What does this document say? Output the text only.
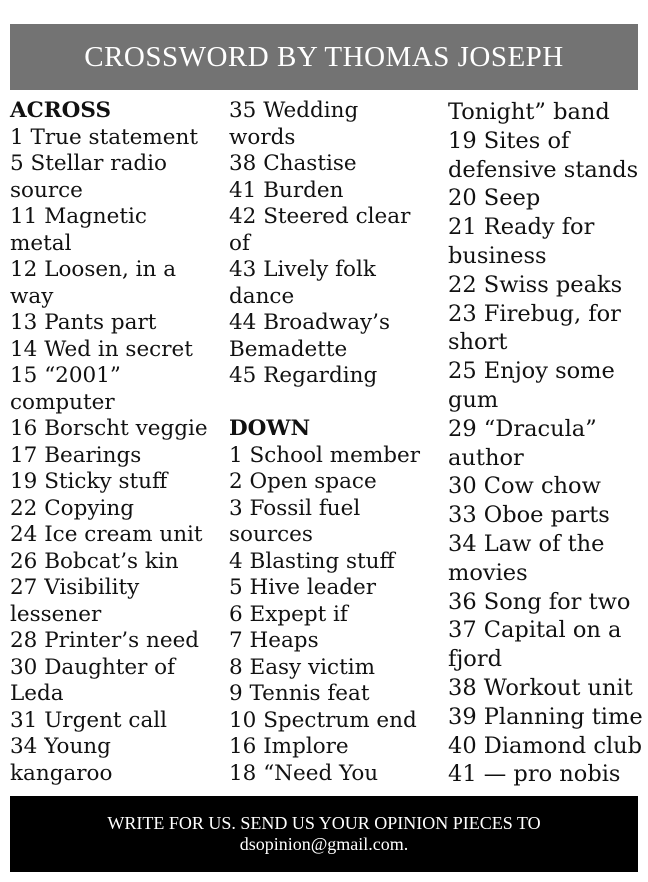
CROSSWORD BY THOMAS JOSEPH
ACROSS
1 True statement
5 Stellar radio
source
11 Magnetic
metal
12 Loosen, in a
way
13 Pants part
14 Wed in secret
15 “2001”
computer
16 Borscht veggie
17 Bearings
19 Sticky stuff
22 Copying
24 Ice cream unit
26 Bobcat’s kin
27 Visibility
lessener
28 Printer’s need
30 Daughter of
Leda
31 Urgent call
34 Young
kangaroo
35 Wedding
words
38 Chastise
41 Burden
42 Steered clear
of
43 Lively folk
dance
44 Broadway’s
Bemadette
45 Regarding
DOWN
1 School member
2 Open space
3 Fossil fuel
sources
4 Blasting stuff
5 Hive leader
6 Expept if
7 Heaps
8 Easy victim
9 Tennis feat
10 Spectrum end
16 Implore
18 “Need You
Tonight” band
19 Sites of
defensive stands
20 Seep
21 Ready for
business
22 Swiss peaks
23 Firebug, for
short
25 Enjoy some
gum
29 “Dracula”
author
30 Cow chow
33 Oboe parts
34 Law of the
movies
36 Song for two
37 Capital on a
fjord
38 Workout unit
39 Planning time
40 Diamond club
41 — pro nobis
WRITE FOR US. SEND US YOUR OPINION PIECES TO
dsopinion@gmail.com.
